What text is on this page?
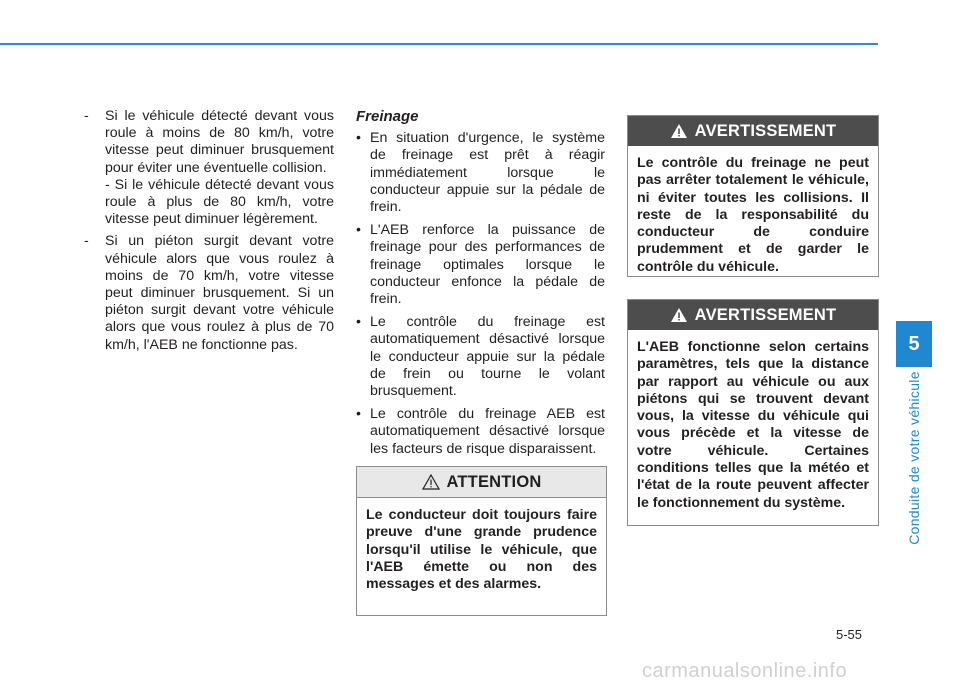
5
Conduite de votre véhicule
- Si le véhicule détecté devant vous roule à moins de 80 km/h, votre vitesse peut diminuer brusquement pour éviter une éventuelle collision.
- Si le véhicule détecté devant vous roule à plus de 80 km/h, votre vitesse peut diminuer légèrement.
- Si un piéton surgit devant votre véhicule alors que vous roulez à moins de 70 km/h, votre vitesse peut diminuer brusquement. Si un piéton surgit devant votre véhicule alors que vous roulez à plus de 70 km/h, l'AEB ne fonctionne pas.
Freinage
• En situation d'urgence, le système de freinage est prêt à réagir immédiatement lorsque le conducteur appuie sur la pédale de frein.
• L'AEB renforce la puissance de freinage pour des performances de freinage optimales lorsque le conducteur enfonce la pédale de frein.
• Le contrôle du freinage est automatiquement désactivé lorsque le conducteur appuie sur la pédale de frein ou tourne le volant brusquement.
• Le contrôle du freinage AEB est automatiquement désactivé lorsque les facteurs de risque disparaissent.
ATTENTION
Le conducteur doit toujours faire preuve d'une grande prudence lorsqu'il utilise le véhicule, que l'AEB émette ou non des messages et des alarmes.
AVERTISSEMENT
Le contrôle du freinage ne peut pas arrêter totalement le véhicule, ni éviter toutes les collisions. Il reste de la responsabilité du conducteur de conduire prudemment et de garder le contrôle du véhicule.
AVERTISSEMENT
L'AEB fonctionne selon certains paramètres, tels que la distance par rapport au véhicule ou aux piétons qui se trouvent devant vous, la vitesse du véhicule qui vous précède et la vitesse de votre véhicule. Certaines conditions telles que la météo et l'état de la route peuvent affecter le fonctionnement du système.
5-55
carmanualsonline.info
